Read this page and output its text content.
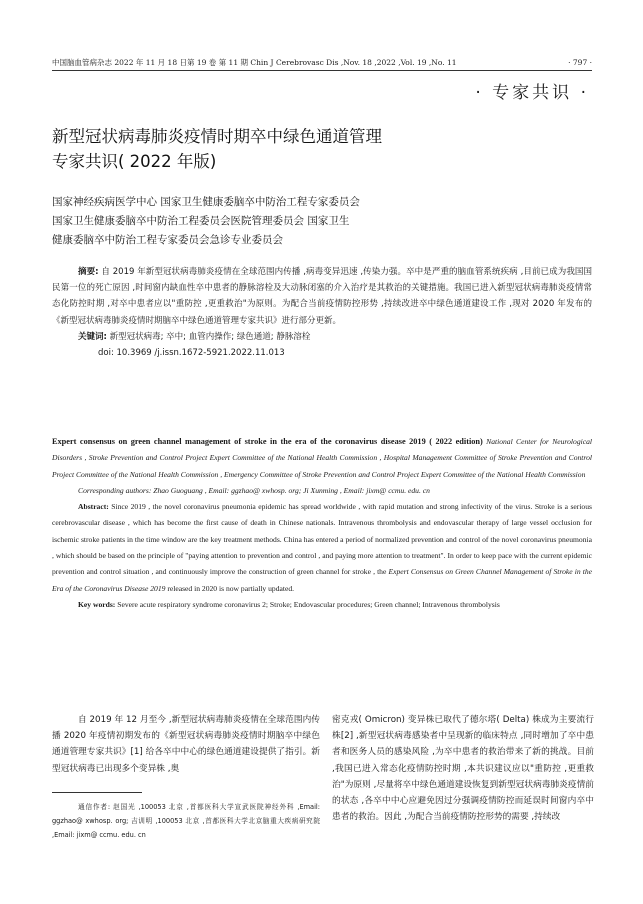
中国脑血管病杂志 2022 年 11 月 18 日第 19 卷 第 11 期 Chin J Cerebrovasc Dis ,Nov. 18 ,2022 ,Vol. 19 ,No. 11	· 797 ·
· 专家共识 ·
新型冠状病毒肺炎疫情时期卒中绿色通道管理
专家共识( 2022 年版)
国家神经疾病医学中心 国家卫生健康委脑卒中防治工程专家委员会
国家卫生健康委脑卒中防治工程委员会医院管理委员会 国家卫生
健康委脑卒中防治工程专家委员会急诊专业委员会

摘要: 自 2019 年新型冠状病毒肺炎疫情在全球范围内传播 ,病毒变异迅速 ,传染力强。卒中是严重的脑血管系统疾病 ,目前已成为我国国民第一位的死亡原因 ,时间窗内缺血性卒中患者的静脉溶栓及大动脉闭塞的介入治疗是其救治的关键措施。我国已进入新型冠状病毒肺炎疫情常态化防控时期 ,对卒中患者应以"重防控 ,更重救治"为原则。为配合当前疫情防控形势 ,持续改进卒中绿色通道建设工作 ,现对 2020 年发布的《新型冠状病毒肺炎疫情时期脑卒中绿色通道管理专家共识》进行部分更新。

关键词: 新型冠状病毒; 卒中; 血管内操作; 绿色通道; 静脉溶栓

doi: 10.3969 /j.issn.1672-5921.2022.11.013

Expert consensus on green channel management of stroke in the era of the coronavirus disease 2019 ( 2022 edition) National Center for Neurological Disorders , Stroke Prevention and Control Project Expert Committee of the National Health Commission , Hospital Management Committee of Stroke Prevention and Control Project Committee of the National Health Commission , Emergency Committee of Stroke Prevention and Control Project Expert Committee of the National Health Commission

Corresponding authors: Zhao Guoguang , Email: ggzhao@ xwhosp. org; Ji Xunming , Email: jixm@ ccmu. edu. cn

Abstract: Since 2019 , the novel coronavirus pneumonia epidemic has spread worldwide , with rapid mutation and strong infectivity of the virus. Stroke is a serious cerebrovascular disease , which has become the first cause of death in Chinese nationals. Intravenous thrombolysis and endovascular therapy of large vessel occlusion for ischemic stroke patients in the time window are the key treatment methods. China has entered a period of normalized prevention and control of the novel coronavirus pneumonia , which should be based on the principle of "paying attention to prevention and control , and paying more attention to treatment". In order to keep pace with the current epidemic prevention and control situation , and continuously improve the construction of green channel for stroke , the Expert Consensus on Green Channel Management of Stroke in the Era of the Coronavirus Disease 2019 released in 2020 is now partially updated.

Key words: Severe acute respiratory syndrome coronavirus 2; Stroke; Endovascular procedures; Green channel; Intravenous thrombolysis

自 2019 年 12 月至今 ,新型冠状病毒肺炎疫情在全球范围内传播 2020 年疫情初期发布的《新型冠状病毒肺炎疫情时期脑卒中绿色通道管理专家共识》[1] 给各卒中中心的绿色通道建设提供了指引。新型冠状病毒已出现多个变异株 ,奥

通信作者: 赵国光 ,100053 北京 ,首都医科大学宣武医院神经外科 ,Email: ggzhao@ xwhosp. org; 吉训明 ,100053 北京 ,首都医科大学北京脑重大疾病研究院 ,Email: jixm@ ccmu. edu. cn

密克戎( Omicron) 变异株已取代了德尔塔( Delta) 株成为主要流行株[2] ,新型冠状病毒感染者中呈现新的临床特点 ,同时增加了卒中患者和医务人员的感染风险 ,为卒中患者的救治带来了新的挑战。目前 ,我国已进入常态化疫情防控时期 ,本共识建议应以"重防控 ,更重救治"为原则 ,尽量将卒中绿色通道建设恢复到新型冠状病毒肺炎疫情前的状态 ,各卒中中心应避免因过分强调疫情防控而延误时间窗内卒中患者的救治。因此 ,为配合当前疫情防控形势的需要 ,持续改
